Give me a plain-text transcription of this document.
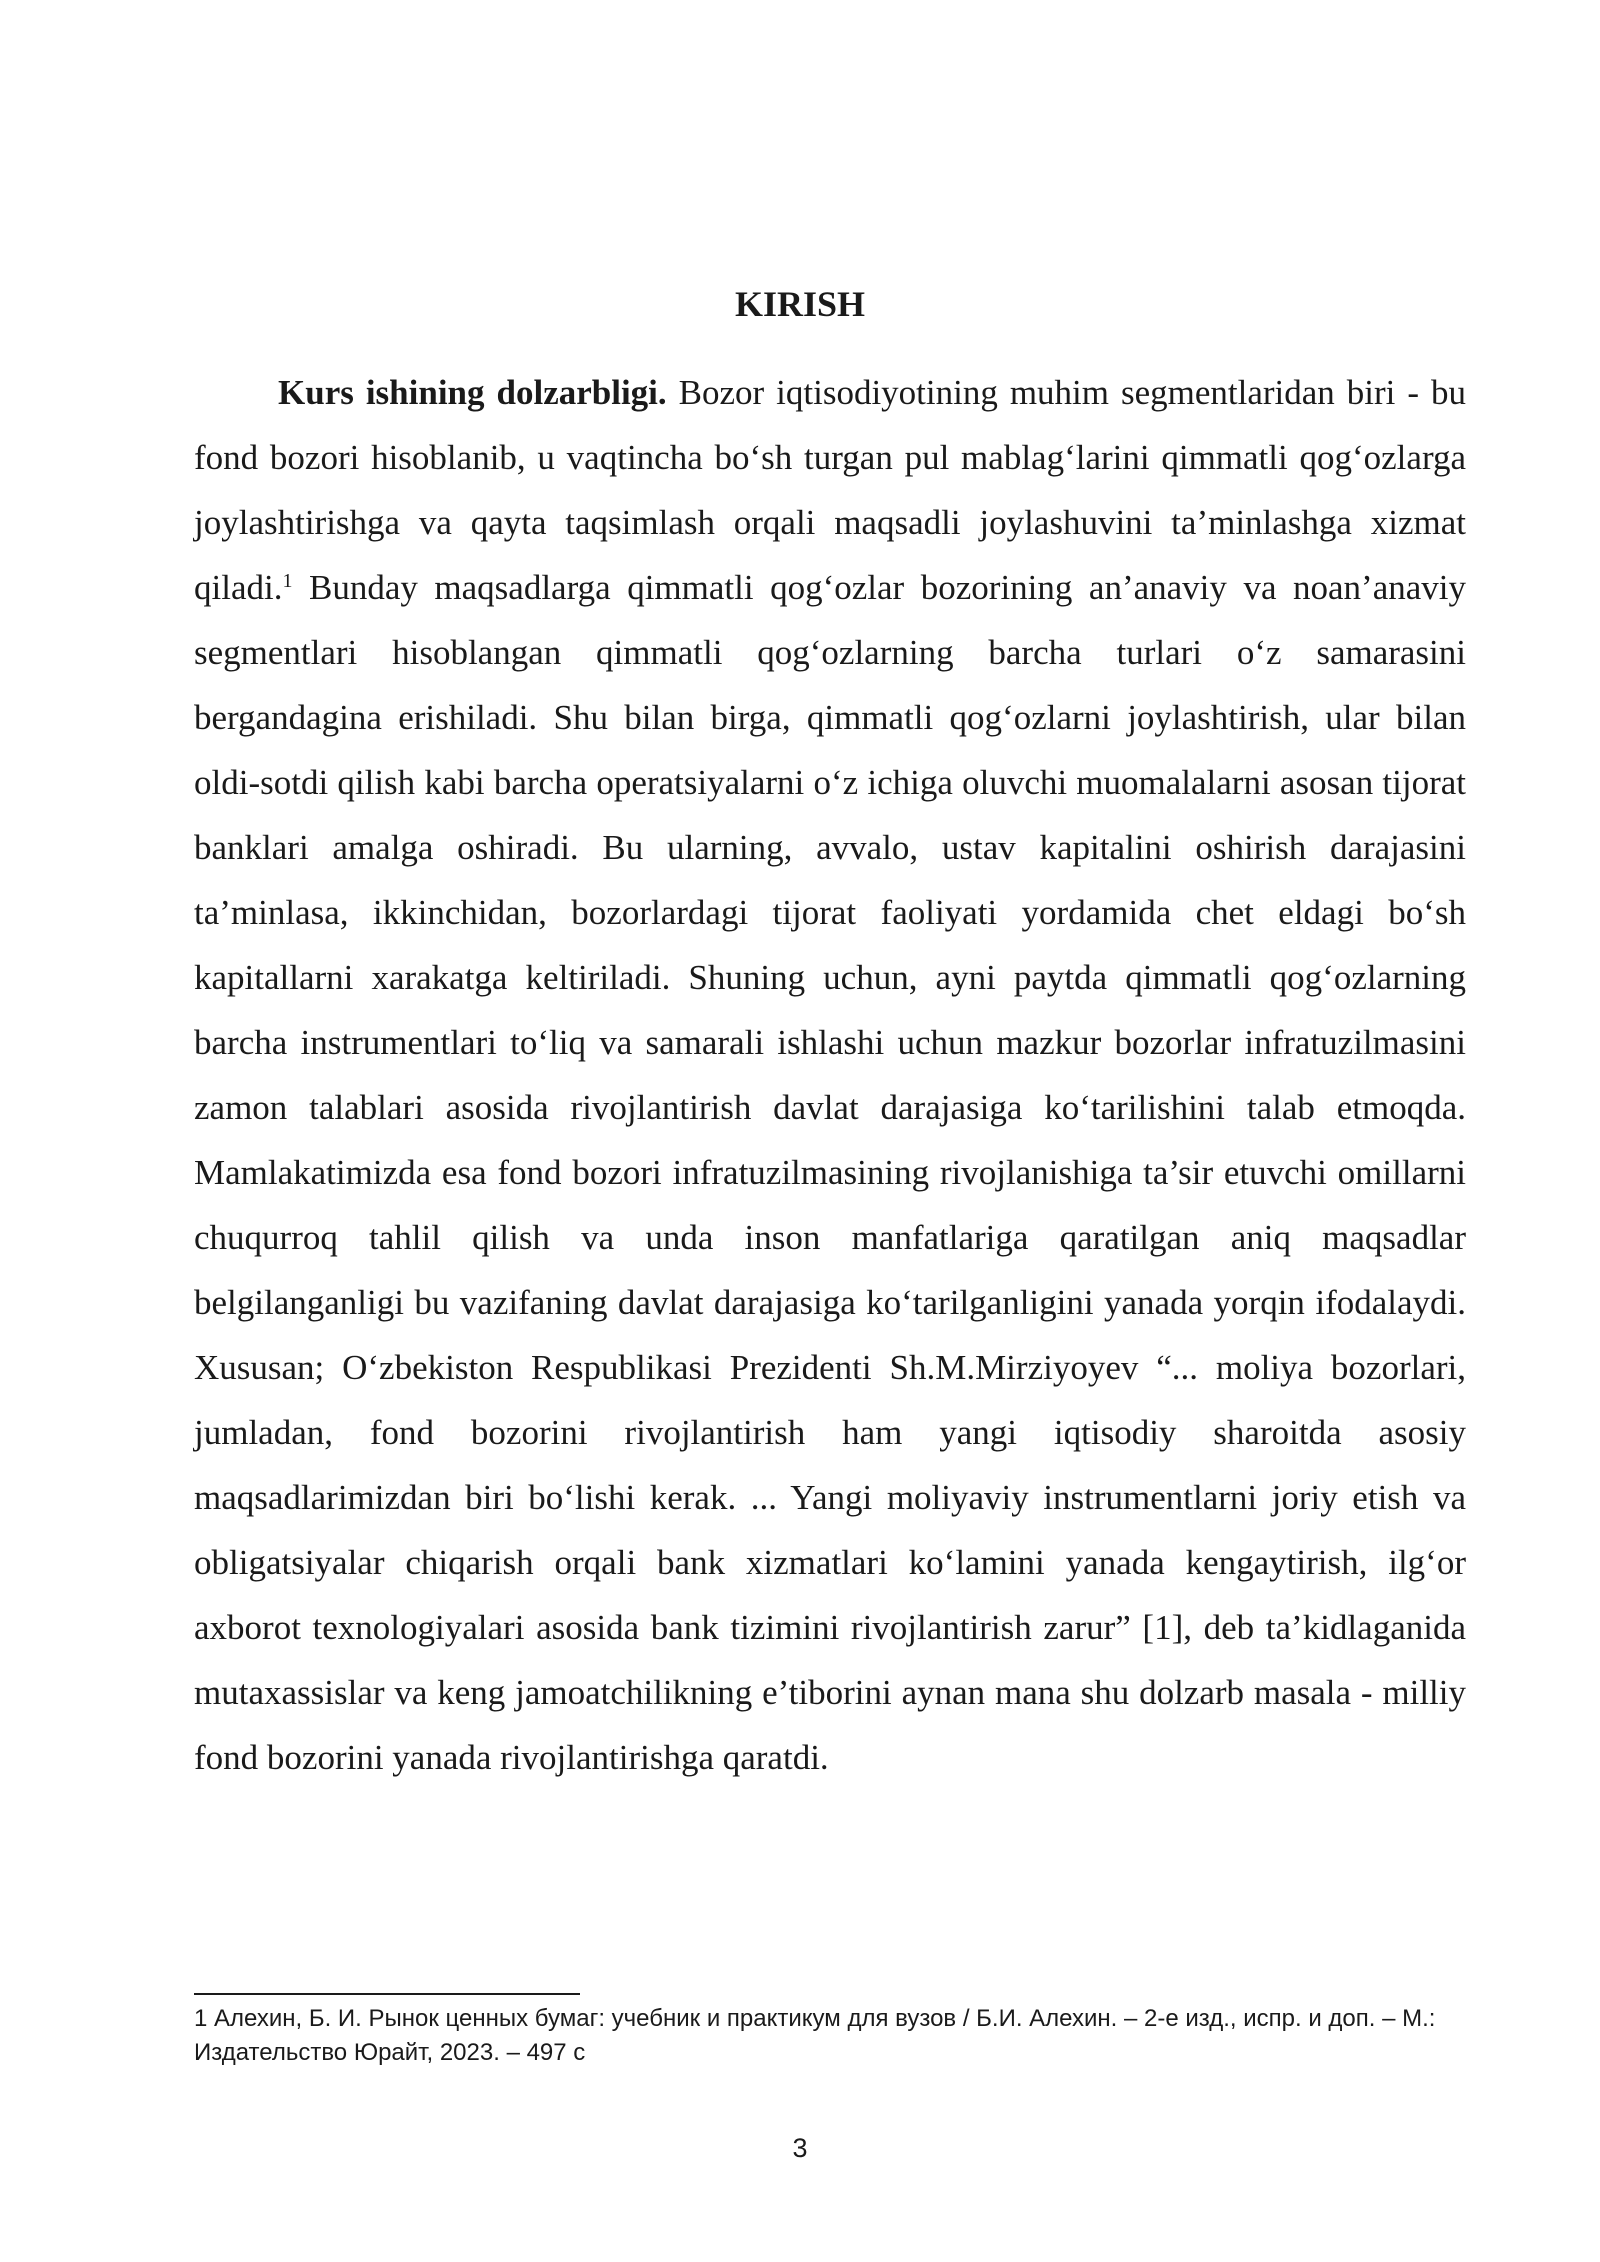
KIRISH

Kurs ishining dolzarbligi. Bozor iqtisodiyotining muhim segmentlaridan biri - bu fond bozori hisoblanib, u vaqtincha bo‘sh turgan pul mablag‘larini qimmatli qog‘ozlarga joylashtirishga va qayta taqsimlash orqali maqsadli joylashuvini ta’minlashga xizmat qiladi.$^1$ Bunday maqsadlarga qimmatli qog‘ozlar bozorining an’anaviy va noan’anaviy segmentlari hisoblangan qimmatli qog‘ozlarning barcha turlari o‘z samarasini bergandagina erishiladi. Shu bilan birga, qimmatli qog‘ozlarni joylashtirish, ular bilan oldi-sotdi qilish kabi barcha operatsiyalarni o‘z ichiga oluvchi muomalalarni asosan tijorat banklari amalga oshiradi. Bu ularning, avvalo, ustav kapitalini oshirish darajasini ta’minlasa, ikkinchidan, bozorlardagi tijorat faoliyati yordamida chet eldagi bo‘sh kapitallarni xarakatga keltiriladi. Shuning uchun, ayni paytda qimmatli qog‘ozlarning barcha instrumentlari to‘liq va samarali ishlashi uchun mazkur bozorlar infratuzilmasini zamon talablari asosida rivojlantirish davlat darajasiga ko‘tarilishini talab etmoqda. Mamlakatimizda esa fond bozori infratuzilmasining rivojlanishiga ta’sir etuvchi omillarni chuqurroq tahlil qilish va unda inson manfatlariga qaratilgan aniq maqsadlar belgilanganligi bu vazifaning davlat darajasiga ko‘tarilganligini yanada yorqin ifodalaydi. Xususan; O‘zbekiston Respublikasi Prezidenti Sh.M.Mirziyoyev “... moliya bozorlari, jumladan, fond bozorini rivojlantirish ham yangi iqtisodiy sharoitda asosiy maqsadlarimizdan biri bo‘lishi kerak. ... Yangi moliyaviy instrumentlarni joriy etish va obligatsiyalar chiqarish orqali bank xizmatlari ko‘lamini yanada kengaytirish, ilg‘or axborot texnologiyalari asosida bank tizimini rivojlantirish zarur” [1], deb ta’kidlaganida mutaxassislar va keng jamoatchilikning e’tiborini aynan mana shu dolzarb masala - milliy fond bozorini yanada rivojlantirishga qaratdi.

1 Алехин, Б. И. Рынок ценных бумаг: учебник и практикум для вузов / Б.И. Алехин. – 2-е изд., испр. и доп. – М.: Издательство Юрайт, 2023. – 497 с

3
